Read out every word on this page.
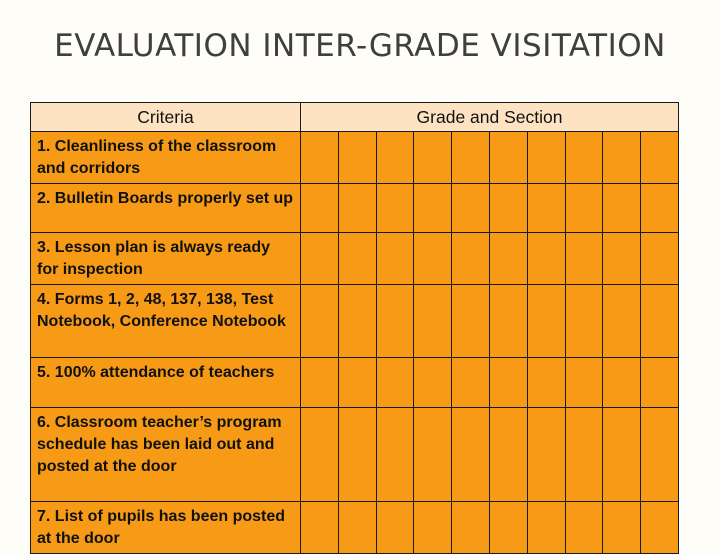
EVALUATION INTER-GRADE VISITATION
Criteria	Grade and Section									
1. Cleanliness of the classroom and corridors										
2. Bulletin Boards properly set up										
3. Lesson plan is always ready for inspection										
4. Forms 1, 2, 48, 137, 138, Test Notebook, Conference Notebook										
5. 100% attendance of teachers										
6. Classroom teacher’s program schedule has been laid out and posted at the door										
7. List of pupils has been posted at the door										
